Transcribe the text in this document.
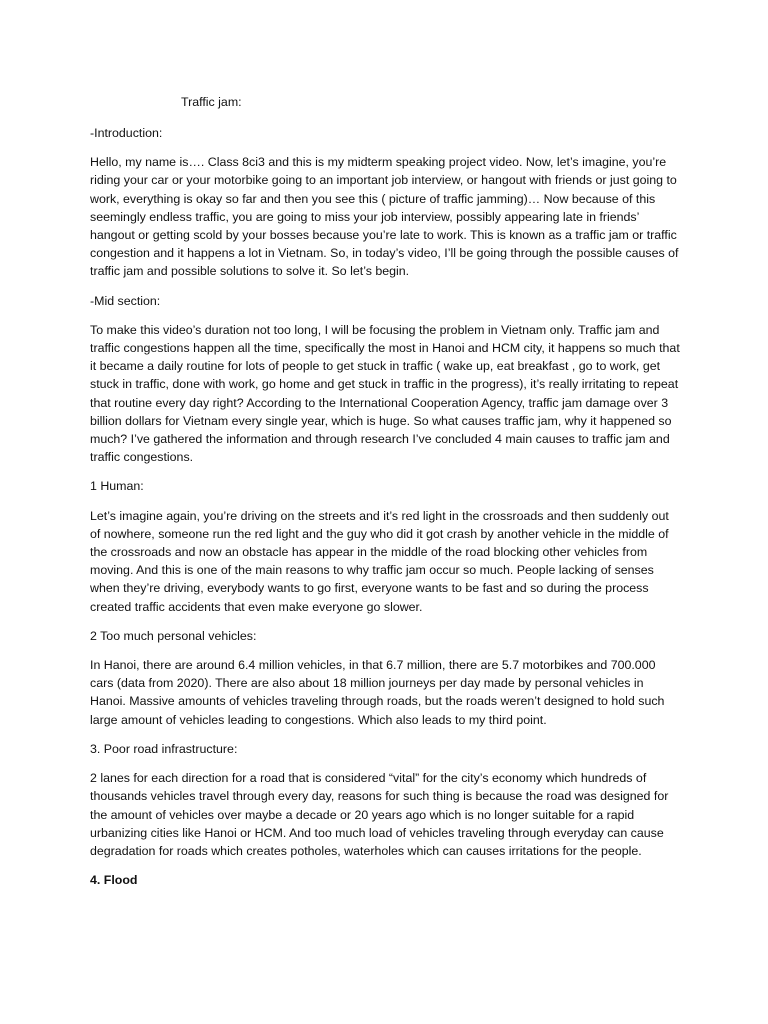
Traffic jam:

-Introduction:

Hello, my name is…. Class 8ci3 and this is my midterm speaking project video. Now, let’s imagine, you’re riding your car or your motorbike going to an important job interview, or hangout with friends or just going to work, everything is okay so far and then you see this ( picture of traffic jamming)… Now because of this seemingly endless traffic, you are going to miss your job interview, possibly appearing late in friends’ hangout or getting scold by your bosses because you’re late to work. This is known as a traffic jam or traffic congestion and it happens a lot in Vietnam. So, in today’s video, I’ll be going through the possible causes of traffic jam and possible solutions to solve it. So let’s begin.

-Mid section:

To make this video’s duration not too long, I will be focusing the problem in Vietnam only. Traffic jam and traffic congestions happen all the time, specifically the most in Hanoi and HCM city, it happens so much that it became a daily routine for lots of people to get stuck in traffic ( wake up, eat breakfast , go to work, get stuck in traffic, done with work, go home and get stuck in traffic in the progress), it’s really irritating to repeat that routine every day right? According to the International Cooperation Agency, traffic jam damage over 3 billion dollars for Vietnam every single year, which is huge. So what causes traffic jam, why it happened so much? I’ve gathered the information and through research I’ve concluded 4 main causes to traffic jam and traffic congestions.

1 Human:

Let’s imagine again, you’re driving on the streets and it’s red light in the crossroads and then suddenly out of nowhere, someone run the red light and the guy who did it got crash by another vehicle in the middle of the crossroads and now an obstacle has appear in the middle of the road blocking other vehicles from moving. And this is one of the main reasons to why traffic jam occur so much. People lacking of senses when they’re driving, everybody wants to go first, everyone wants to be fast and so during the process created traffic accidents that even make everyone go slower.

2 Too much personal vehicles:

In Hanoi, there are around 6.4 million vehicles, in that 6.7 million, there are 5.7 motorbikes and 700.000 cars (data from 2020). There are also about 18 million journeys per day made by personal vehicles in Hanoi. Massive amounts of vehicles traveling through roads, but the roads weren’t designed to hold such large amount of vehicles leading to congestions. Which also leads to my third point.

3. Poor road infrastructure:

2 lanes for each direction for a road that is considered “vital” for the city’s economy which hundreds of thousands vehicles travel through every day, reasons for such thing is because the road was designed for the amount of vehicles over maybe a decade or 20 years ago which is no longer suitable for a rapid urbanizing cities like Hanoi or HCM. And too much load of vehicles traveling through everyday can cause degradation for roads which creates potholes, waterholes which can causes irritations for the people.

4. Flood
